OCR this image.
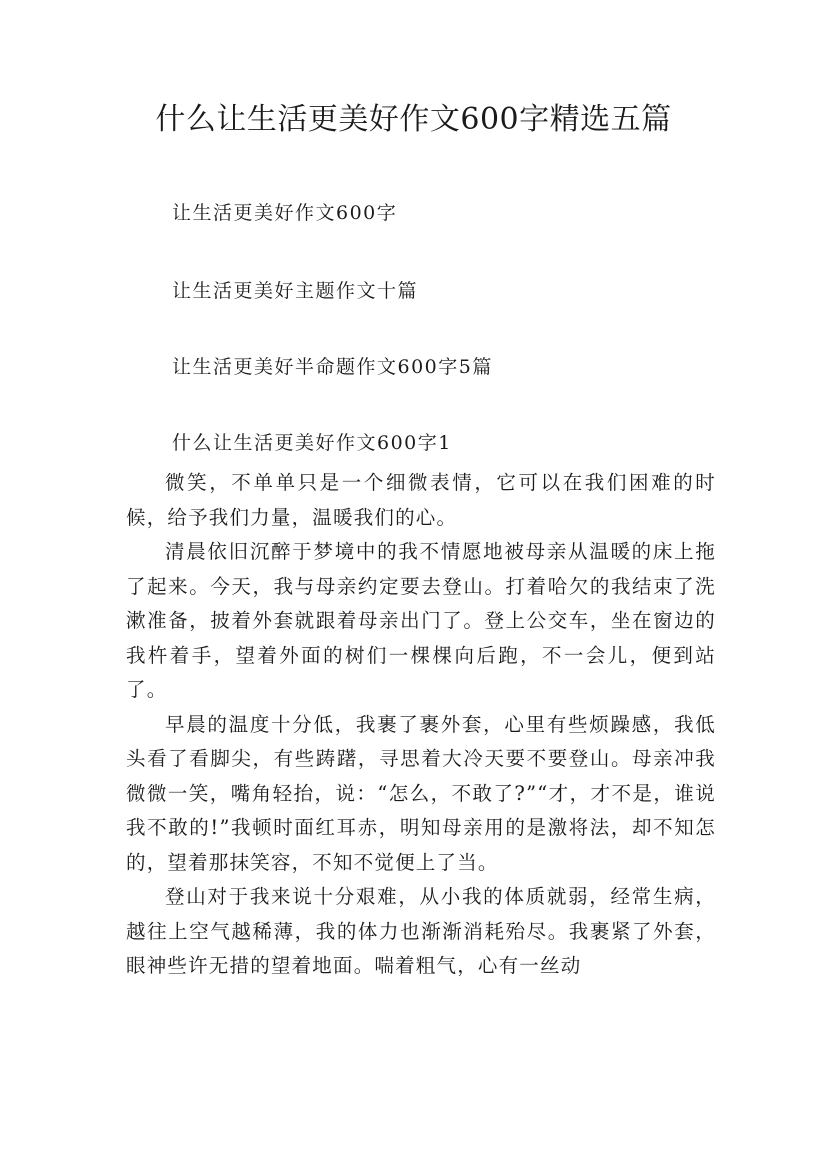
什么让生活更美好作文600字精选五篇

让生活更美好作文600字

让生活更美好主题作文十篇

让生活更美好半命题作文600字5篇

什么让生活更美好作文600字1

微笑，不单单只是一个细微表情，它可以在我们困难的时候，给予我们力量，温暖我们的心。

清晨依旧沉醉于梦境中的我不情愿地被母亲从温暖的床上拖了起来。今天，我与母亲约定要去登山。打着哈欠的我结束了洗漱准备，披着外套就跟着母亲出门了。登上公交车，坐在窗边的我杵着手，望着外面的树们一棵棵向后跑，不一会儿，便到站了。

早晨的温度十分低，我裹了裹外套，心里有些烦躁感，我低头看了看脚尖，有些踌躇，寻思着大冷天要不要登山。母亲冲我微微一笑，嘴角轻抬，说：“怎么，不敢了?”“才，才不是，谁说我不敢的!”我顿时面红耳赤，明知母亲用的是激将法，却不知怎的，望着那抹笑容，不知不觉便上了当。

登山对于我来说十分艰难，从小我的体质就弱，经常生病，越往上空气越稀薄，我的体力也渐渐消耗殆尽。我裹紧了外套，眼神些许无措的望着地面。喘着粗气，心有一丝动
